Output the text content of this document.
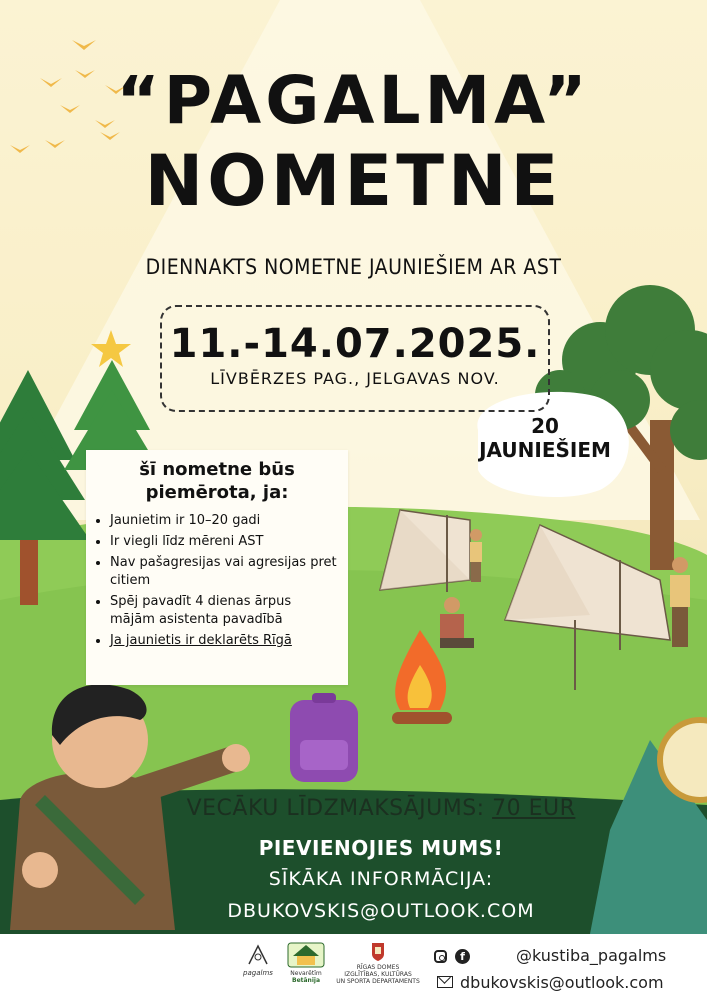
“PAGALMA”
NOMETNE
DIENNAKTS NOMETNE JAUNIEŠIEM AR AST
11.-14.07.2025.
LĪVBĒRZES PAG., JELGAVAS NOV.
20
JAUNIEŠIEM
šī nometne būs piemērota, ja:
• Jaunietim ir 10–20 gadi
• Ir viegli līdz mēreni AST
• Nav pašagresijas vai agresijas pret citiem
• Spēj pavadīt 4 dienas ārpus mājām asistenta pavadībā
• Ja jaunietis ir deklarēts Rīgā
VECĀKU LĪDZMAKSĀJUMS: 70 EUR
PIEVIENOJIES MUMS!
SĪKĀKA INFORMĀCIJA:
DBUKOVSKIS@OUTLOOK.COM
pagalms	Nevarētīm
Betānija
RĪGAS DOMES
IZGLĪTĪBAS, KULTŪRAS
UN SPORTA DEPARTAMENTS
f	@kustiba_pagalms
dbukovskis@outlook.com
